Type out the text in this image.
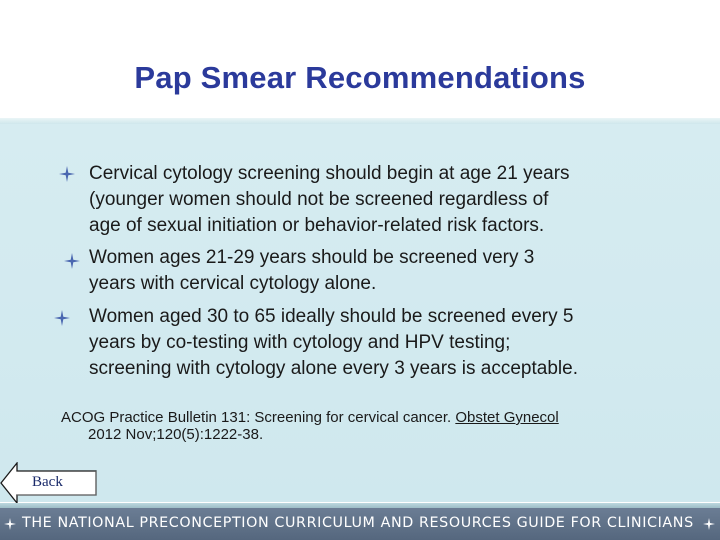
Pap Smear Recommendations
Cervical cytology screening should begin at age 21 years
(younger women should not be screened regardless of
age of sexual initiation or behavior-related risk factors.
Women ages 21-29 years should be screened very 3
years with cervical cytology alone.
Women aged 30 to 65 ideally should be screened every 5
years by co-testing with cytology and HPV testing;
screening with cytology alone every 3 years is acceptable.
ACOG Practice Bulletin 131: Screening for cervical cancer. Obstet Gynecol
2012 Nov;120(5):1222-38.
Back
THE NATIONAL PRECONCEPTION CURRICULUM AND RESOURCES GUIDE FOR CLINICIANS
